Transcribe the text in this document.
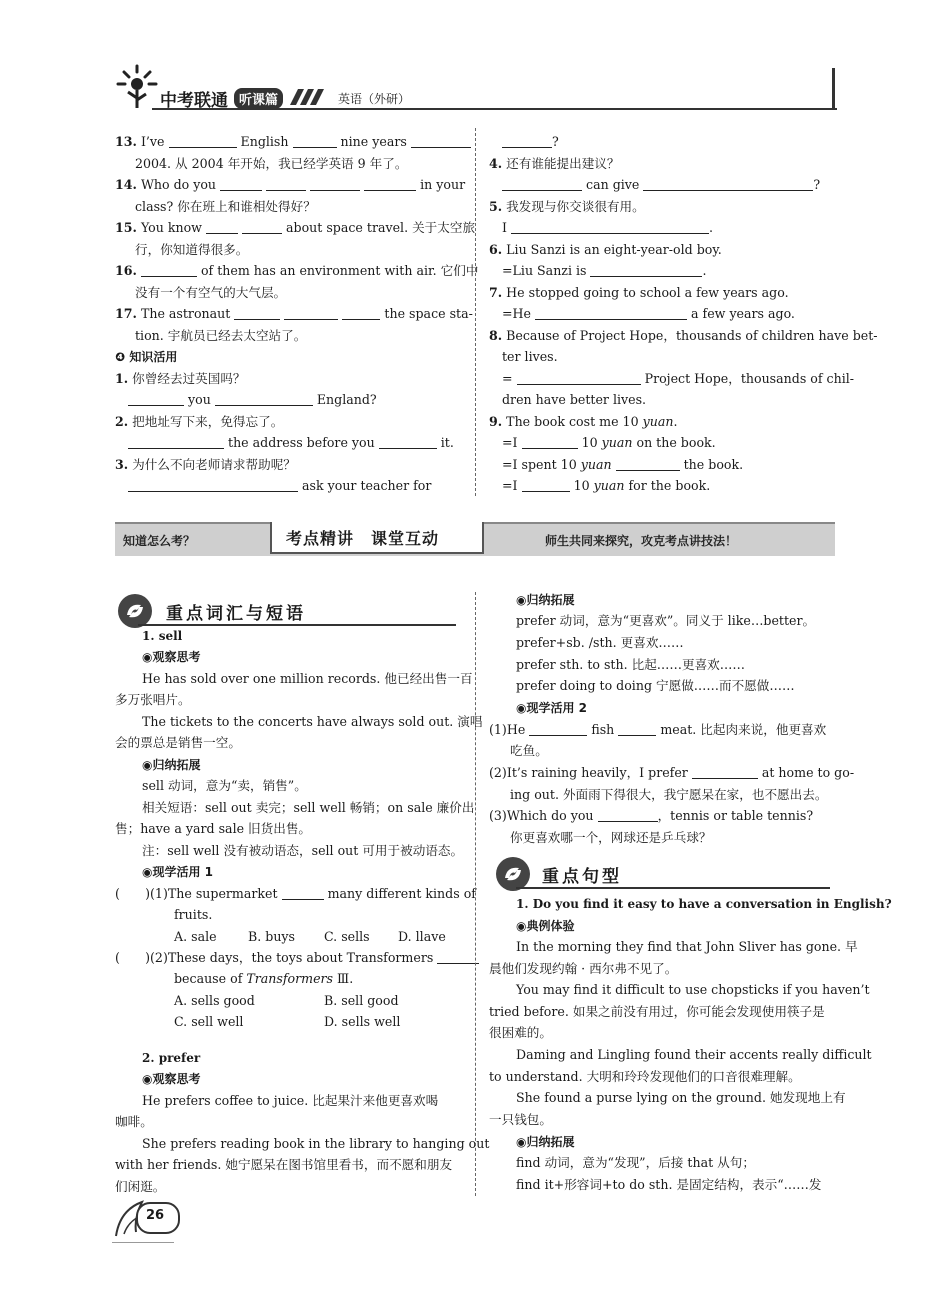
中考联通 听课篇	英语（外研）
13. I’ve	English	nine years
2004. 从 2004 年开始，我已经学英语 9 年了。
14. Who do you	in your
class? 你在班上和谁相处得好？
15. You know	about space travel. 关于太空旅
行，你知道得很多。
16.	of them has an environment with air. 它们中
没有一个有空气的大气层。
17. The astronaut	the space sta-
tion. 宇航员已经去太空站了。
❹ 知识活用
1. 你曾经去过英国吗？
you	England?
2. 把地址写下来，免得忘了。
the address before you	it.
3. 为什么不向老师请求帮助呢？
ask your teacher for
?
4. 还有谁能提出建议？
can give	?
5. 我发现与你交谈很有用。
I	.
6. Liu Sanzi is an eight-year-old boy.
=Liu Sanzi is	.
7. He stopped going to school a few years ago.
=He	a few years ago.
8. Because of Project Hope，thousands of children have bet-
ter lives.
=	Project Hope，thousands of chil-
dren have better lives.
9. The book cost me 10 yuan.
=I	10 yuan on the book.
=I spent 10 yuan	the book.
=I	10 yuan for the book.
知道怎么考？	考点精讲　课堂互动	师生共同来探究，攻克考点讲技法！
重点词汇与短语
1. sell
◉观察思考
He has sold over one million records. 他已经出售一百
多万张唱片。
The tickets to the concerts have always sold out. 演唱
会的票总是销售一空。
◉归纳拓展
sell 动词，意为“卖，销售”。
相关短语：sell out 卖完；sell well 畅销；on sale 廉价出
售；have a yard sale 旧货出售。
注：sell well 没有被动语态，sell out 可用于被动语态。
◉现学活用 1
(　　)(1)The supermarket	many different kinds of
fruits.
A. sale B. buys C. sells D. llave
(　　)(2)These days，the toys about Transformers
because of Transformers Ⅲ.
A. sells good	B. sell good
C. sell well	D. sells well
2. prefer
◉观察思考
He prefers coffee to juice. 比起果汁来他更喜欢喝
咖啡。
She prefers reading book in the library to hanging out
with her friends. 她宁愿呆在图书馆里看书，而不愿和朋友
们闲逛。
◉归纳拓展
prefer 动词，意为“更喜欢”。同义于 like…better。
prefer+sb. /sth. 更喜欢……
prefer sth. to sth. 比起……更喜欢……
prefer doing to doing 宁愿做……而不愿做……
◉现学活用 2
(1)He	fish	meat. 比起肉来说，他更喜欢
吃鱼。
(2)It’s raining heavily，I prefer	at home to go-
ing out. 外面雨下得很大，我宁愿呆在家，也不愿出去。
(3)Which do you	，tennis or table tennis?
你更喜欢哪一个，网球还是乒乓球？
重点句型
1. Do you find it easy to have a conversation in English?
◉典例体验
In the morning they find that John Sliver has gone. 早
晨他们发现约翰 · 西尔弗不见了。
You may find it difficult to use chopsticks if you haven’t
tried before. 如果之前没有用过，你可能会发现使用筷子是
很困难的。
Daming and Lingling found their accents really difficult
to understand. 大明和玲玲发现他们的口音很难理解。
She found a purse lying on the ground. 她发现地上有
一只钱包。
◉归纳拓展
find 动词，意为“发现”，后接 that 从句；
find it+形容词+to do sth. 是固定结构，表示“……发
26
